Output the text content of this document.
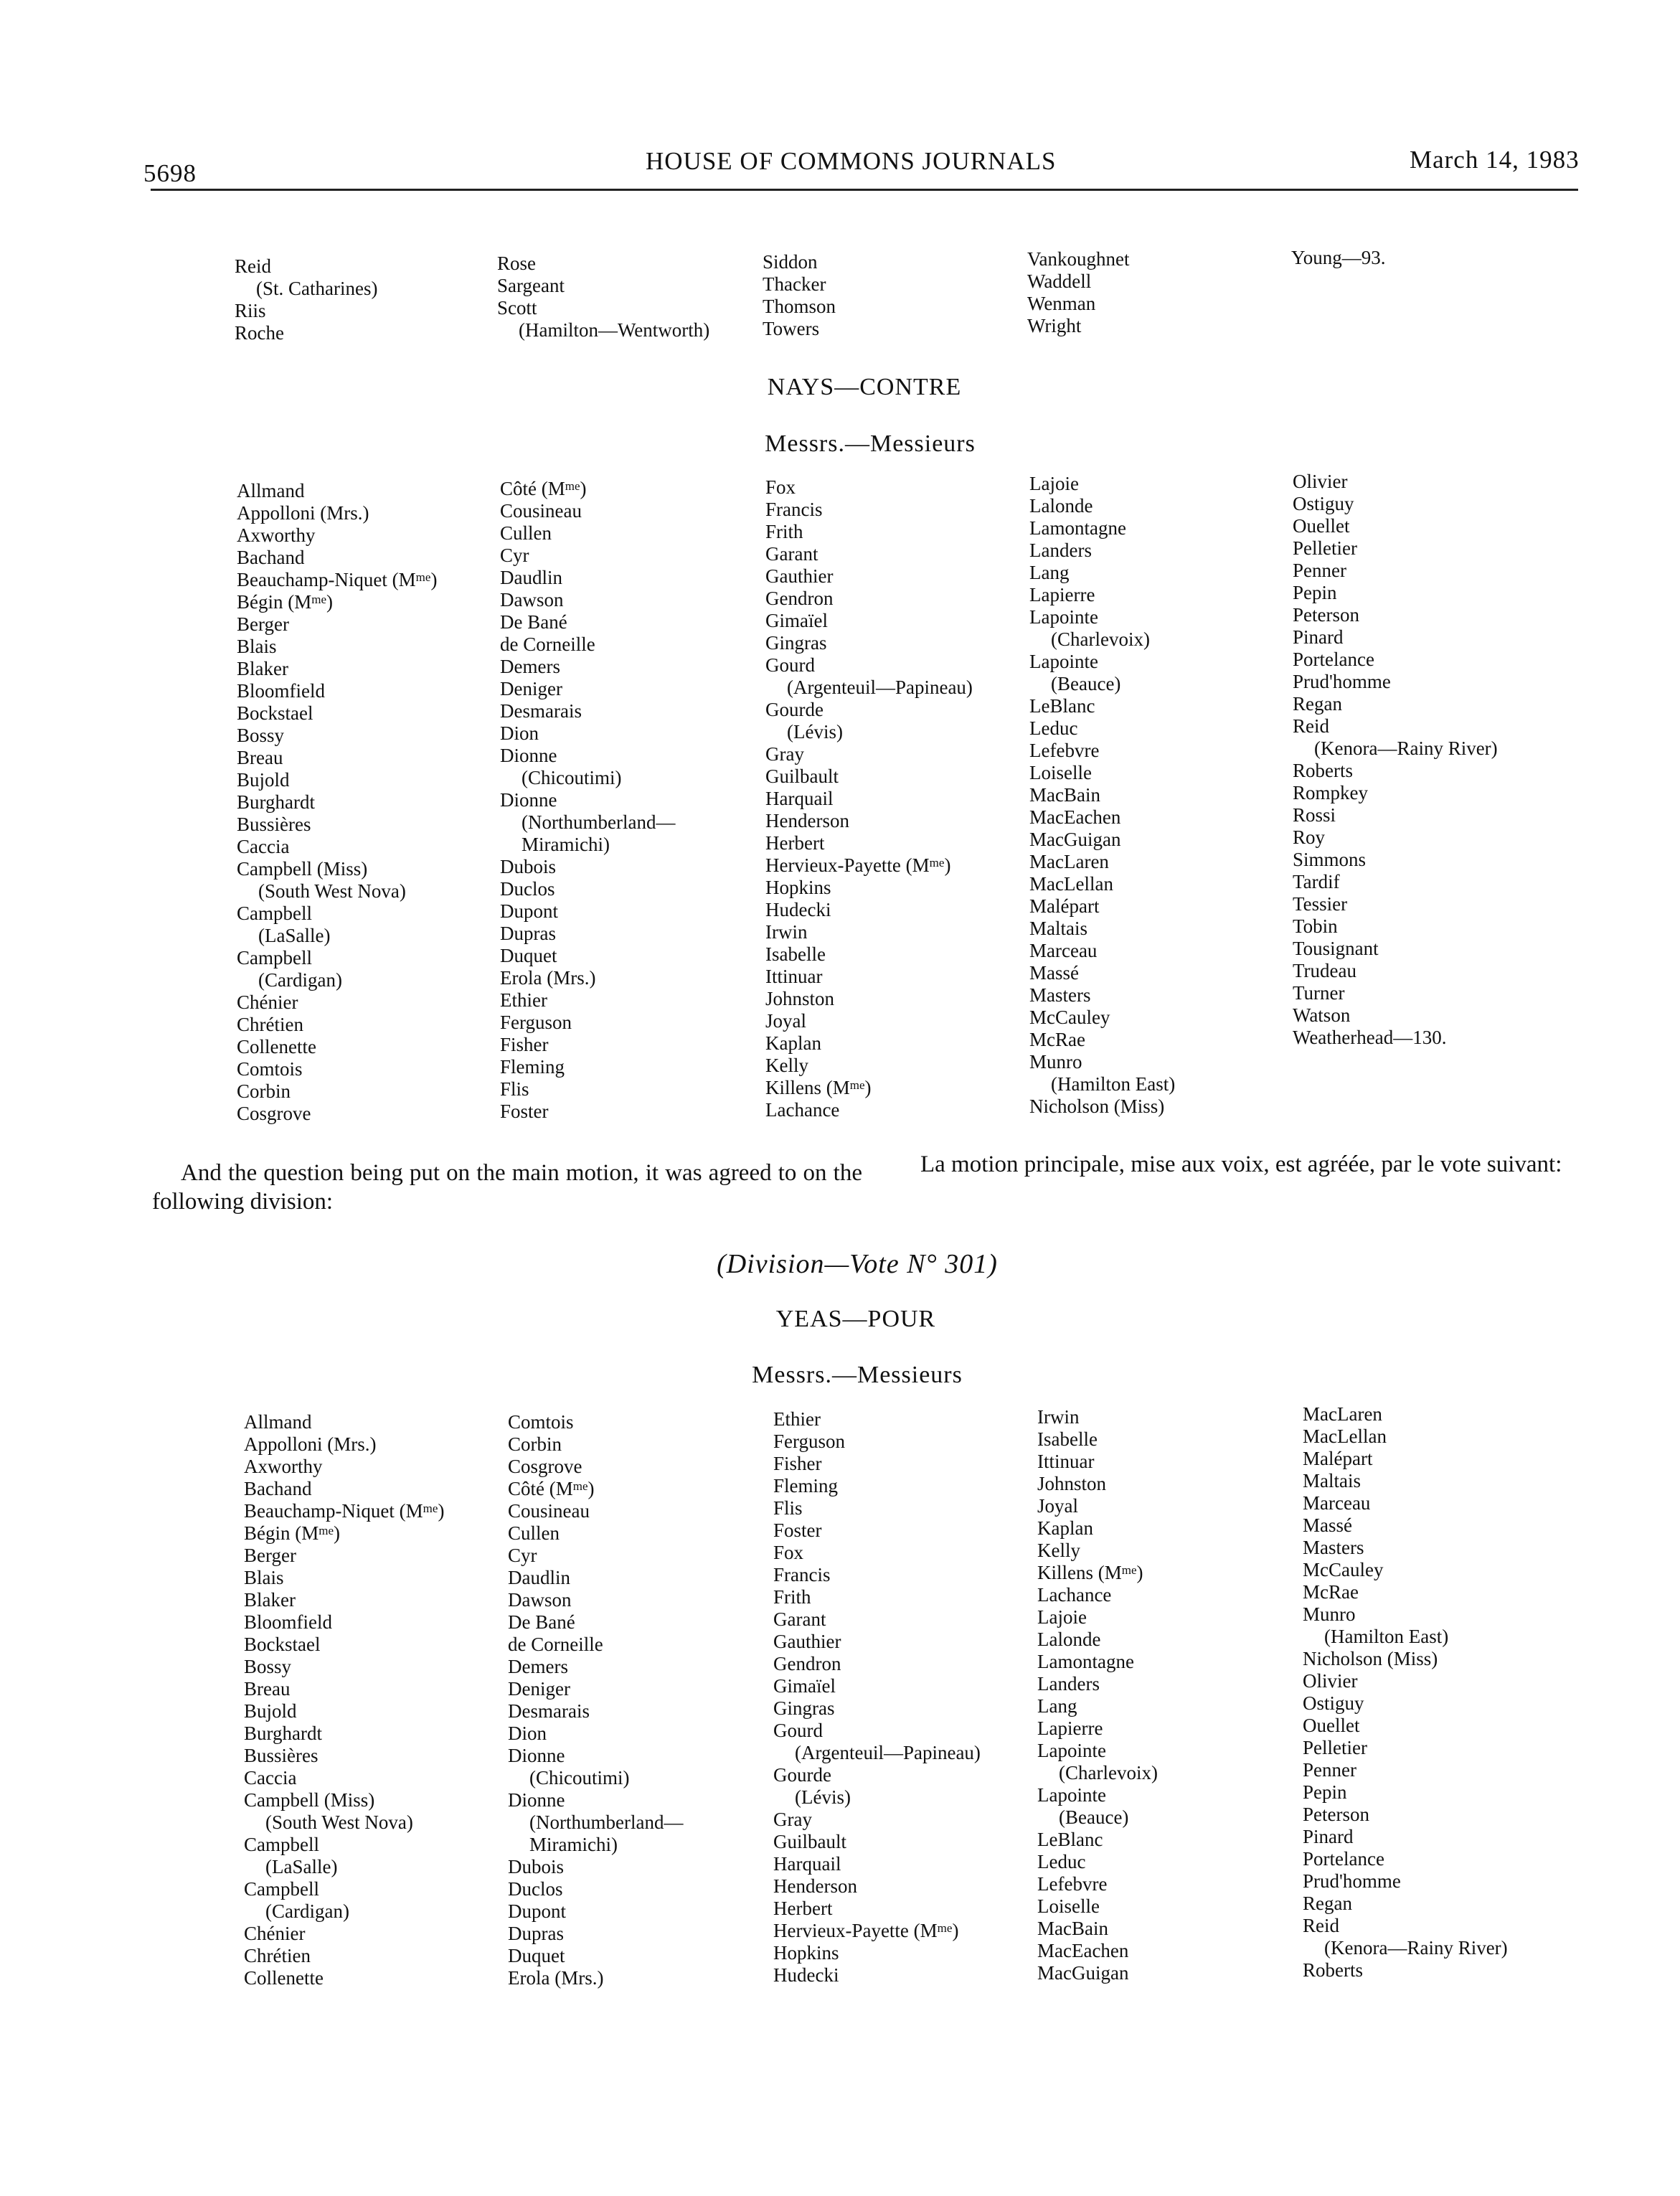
5698	HOUSE OF COMMONS JOURNALS	March 14, 1983
Reid
(St. Catharines)
Riis
Roche
Rose
Sargeant
Scott
(Hamilton—Wentworth)
Siddon
Thacker
Thomson
Towers
Vankoughnet
Waddell
Wenman
Wright
Young—93.
NAYS—CONTRE
Messrs.—Messieurs
Allmand
Appolloni (Mrs.)
Axworthy
Bachand
Beauchamp-Niquet $(M^{me})$
Bégin $(M^{me})$
Berger
Blais
Blaker
Bloomfield
Bockstael
Bossy
Breau
Bujold
Burghardt
Bussières
Caccia
Campbell (Miss)
(South West Nova)
Campbell
(LaSalle)
Campbell
(Cardigan)
Chénier
Chrétien
Collenette
Comtois
Corbin
Cosgrove
Côté $(M^{me})$
Cousineau
Cullen
Cyr
Daudlin
Dawson
De Bané
de Corneille
Demers
Deniger
Desmarais
Dion
Dionne
(Chicoutimi)
Dionne
(Northumberland—
Miramichi)
Dubois
Duclos
Dupont
Dupras
Duquet
Erola (Mrs.)
Ethier
Ferguson
Fisher
Fleming
Flis
Foster
Fox
Francis
Frith
Garant
Gauthier
Gendron
Gimaïel
Gingras
Gourd
(Argenteuil—Papineau)
Gourde
(Lévis)
Gray
Guilbault
Harquail
Henderson
Herbert
Hervieux-Payette $(M^{me})$
Hopkins
Hudecki
Irwin
Isabelle
Ittinuar
Johnston
Joyal
Kaplan
Kelly
Killens $(M^{me})$
Lachance
Lajoie
Lalonde
Lamontagne
Landers
Lang
Lapierre
Lapointe
(Charlevoix)
Lapointe
(Beauce)
LeBlanc
Leduc
Lefebvre
Loiselle
MacBain
MacEachen
MacGuigan
MacLaren
MacLellan
Malépart
Maltais
Marceau
Massé
Masters
McCauley
McRae
Munro
(Hamilton East)
Nicholson (Miss)
Olivier
Ostiguy
Ouellet
Pelletier
Penner
Pepin
Peterson
Pinard
Portelance
Prud'homme
Regan
Reid
(Kenora—Rainy River)
Roberts
Rompkey
Rossi
Roy
Simmons
Tardif
Tessier
Tobin
Tousignant
Trudeau
Turner
Watson
Weatherhead—130.
And the question being put on the main motion, it was agreed to on the following division:
La motion principale, mise aux voix, est agréée, par le vote suivant:
(Division—Vote N° 301)
YEAS—POUR
Messrs.—Messieurs
Allmand
Appolloni (Mrs.)
Axworthy
Bachand
Beauchamp-Niquet $(M^{me})$
Bégin $(M^{me})$
Berger
Blais
Blaker
Bloomfield
Bockstael
Bossy
Breau
Bujold
Burghardt
Bussières
Caccia
Campbell (Miss)
(South West Nova)
Campbell
(LaSalle)
Campbell
(Cardigan)
Chénier
Chrétien
Collenette
Comtois
Corbin
Cosgrove
Côté $(M^{me})$
Cousineau
Cullen
Cyr
Daudlin
Dawson
De Bané
de Corneille
Demers
Deniger
Desmarais
Dion
Dionne
(Chicoutimi)
Dionne
(Northumberland—
Miramichi)
Dubois
Duclos
Dupont
Dupras
Duquet
Erola (Mrs.)
Ethier
Ferguson
Fisher
Fleming
Flis
Foster
Fox
Francis
Frith
Garant
Gauthier
Gendron
Gimaïel
Gingras
Gourd
(Argenteuil—Papineau)
Gourde
(Lévis)
Gray
Guilbault
Harquail
Henderson
Herbert
Hervieux-Payette $(M^{me})$
Hopkins
Hudecki
Irwin
Isabelle
Ittinuar
Johnston
Joyal
Kaplan
Kelly
Killens $(M^{me})$
Lachance
Lajoie
Lalonde
Lamontagne
Landers
Lang
Lapierre
Lapointe
(Charlevoix)
Lapointe
(Beauce)
LeBlanc
Leduc
Lefebvre
Loiselle
MacBain
MacEachen
MacGuigan
MacLaren
MacLellan
Malépart
Maltais
Marceau
Massé
Masters
McCauley
McRae
Munro
(Hamilton East)
Nicholson (Miss)
Olivier
Ostiguy
Ouellet
Pelletier
Penner
Pepin
Peterson
Pinard
Portelance
Prud'homme
Regan
Reid
(Kenora—Rainy River)
Roberts
